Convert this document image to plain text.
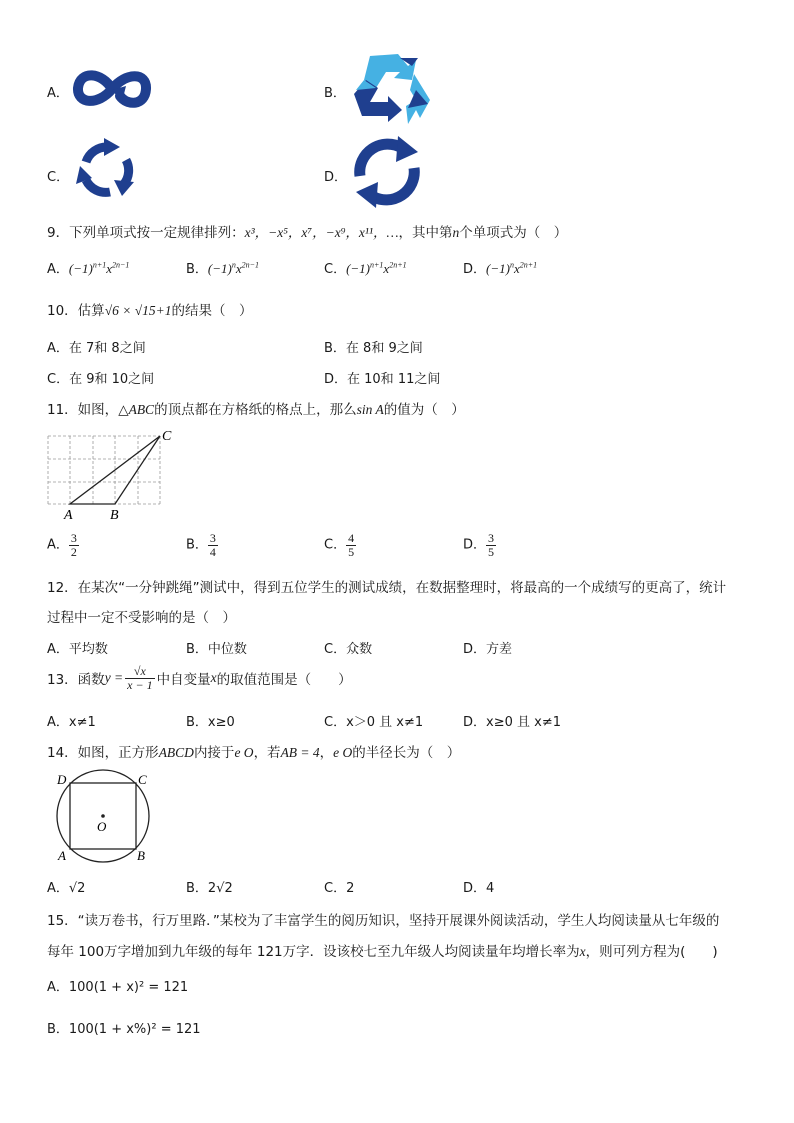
A．	B．
C．	D．
9．下列单项式按一定规律排列：x³，−x⁵，x⁷，−x⁹，x¹¹，…，其中第n个单项式为（　）
A．$(-1)^{n+1}x^{2n-1}$	B．$(-1)^nx^{2n-1}$	C．$(-1)^{n+1}x^{2n+1}$	D．$(-1)^nx^{2n+1}$
10．估算√6 × √15+1的结果（　）
A．在 7和 8之间	B．在 8和 9之间
C．在 9和 10之间	D．在 10和 11之间
11．如图，△ABC的顶点都在方格纸的格点上，那么sin A的值为（　）
A	B
C
A． $\frac{3}{2}$	B． $\frac{3}{4}$	C． $\frac{4}{5}$	D． $\frac{3}{5}$
12．在某次“一分钟跳绳”测试中，得到五位学生的测试成绩，在数据整理时，将最高的一个成绩写的更高了，统计
过程中一定不受影响的是（　）
A．平均数	B．中位数	C．众数	D．方差
13．函数$y = \frac{√x}{x - 1}$ 中自变量x的取值范围是（　　）
A．x≠1	B．x≥0	C．x＞0 且 x≠1	D．x≥0 且 x≠1
14．如图，正方形ABCD内接于e O，若AB = 4，e O的半径长为（　）
D	C
A	B
O
A．√2	B．2√2	C．2	D．4
15．“读万卷书，行万里路．”某校为了丰富学生的阅历知识，坚持开展课外阅读活动，学生人均阅读量从七年级的
每年 100万字增加到九年级的每年 121万字．设该校七至九年级人均阅读量年均增长率为x，则可列方程为(　　)
A．100(1 + x)² = 121
B．100(1 + x%)² = 121
